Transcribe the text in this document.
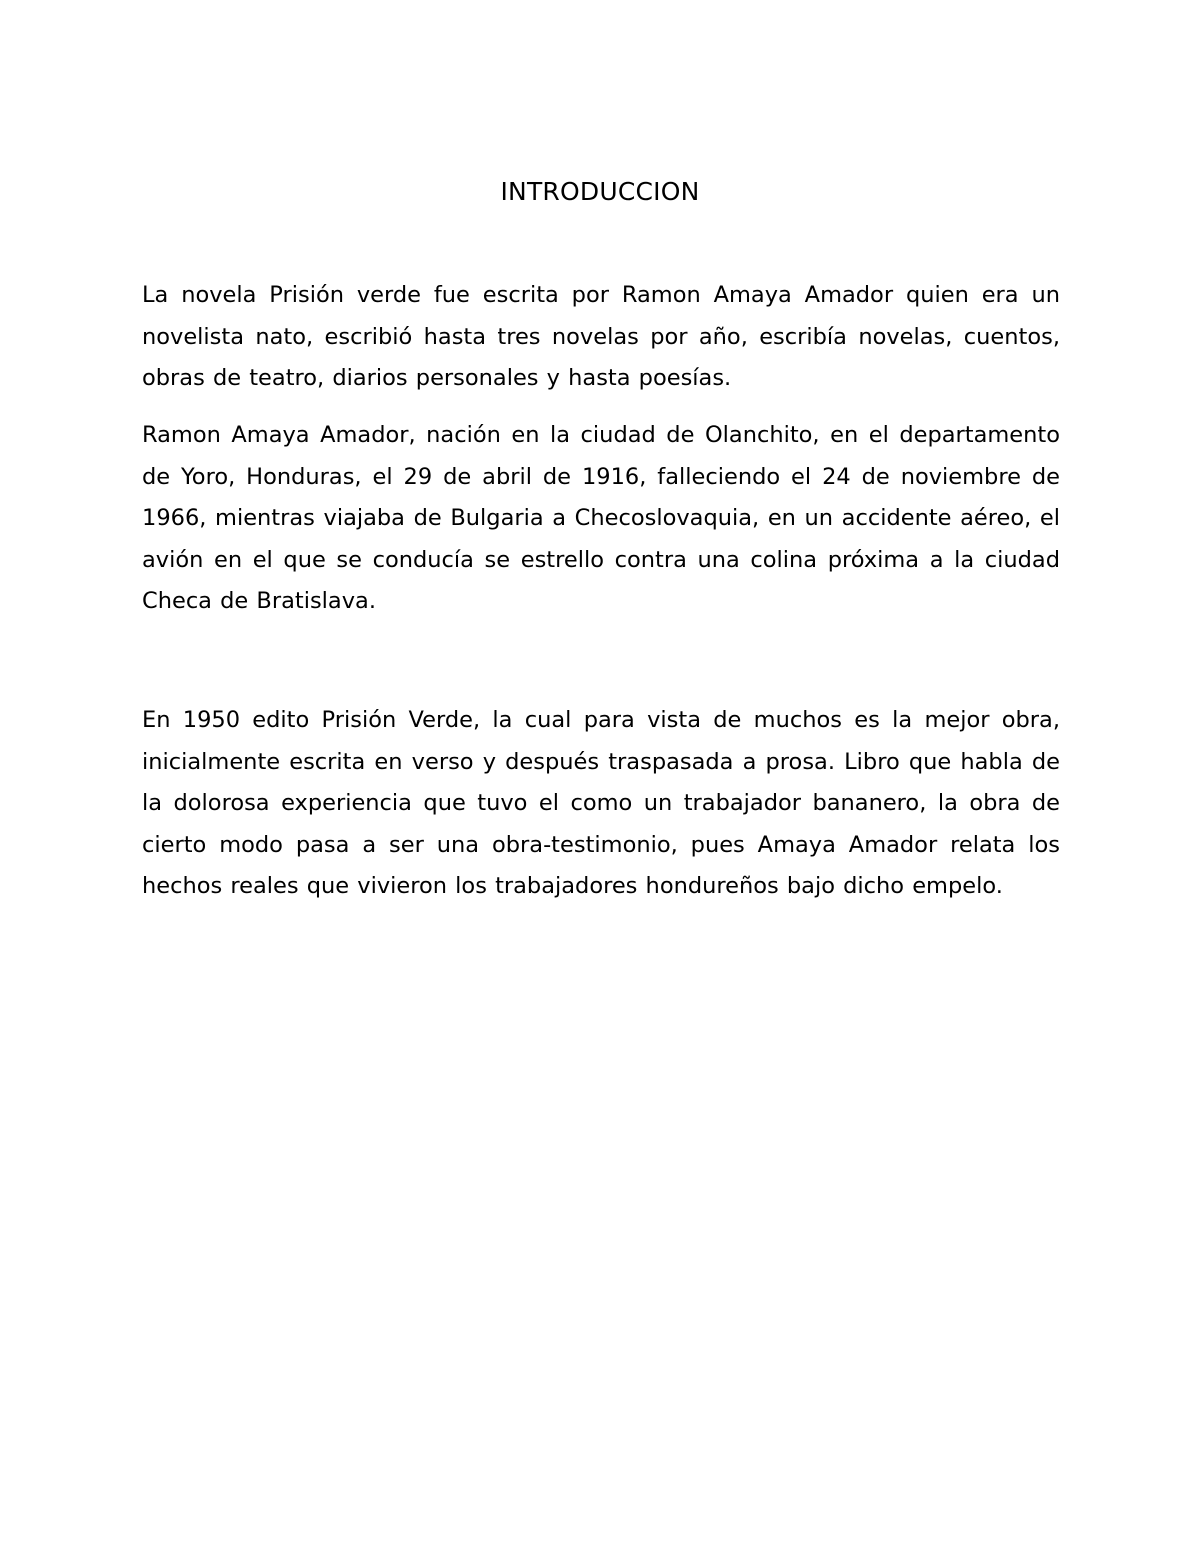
INTRODUCCION

La novela Prisión verde fue escrita por Ramon Amaya Amador quien era un novelista nato, escribió hasta tres novelas por año, escribía novelas, cuentos, obras de teatro, diarios personales y hasta poesías.

Ramon Amaya Amador, nación en la ciudad de Olanchito, en el departamento de Yoro, Honduras, el 29 de abril de 1916, falleciendo el 24 de noviembre de 1966, mientras viajaba de Bulgaria a Checoslovaquia, en un accidente aéreo, el avión en el que se conducía se estrello contra una colina próxima a la ciudad Checa de Bratislava.

En 1950 edito Prisión Verde, la cual para vista de muchos es la mejor obra, inicialmente escrita en verso y después traspasada a prosa. Libro que habla de la dolorosa experiencia que tuvo el como un trabajador bananero, la obra de cierto modo pasa a ser una obra-testimonio, pues Amaya Amador relata los hechos reales que vivieron los trabajadores hondureños bajo dicho empelo.
